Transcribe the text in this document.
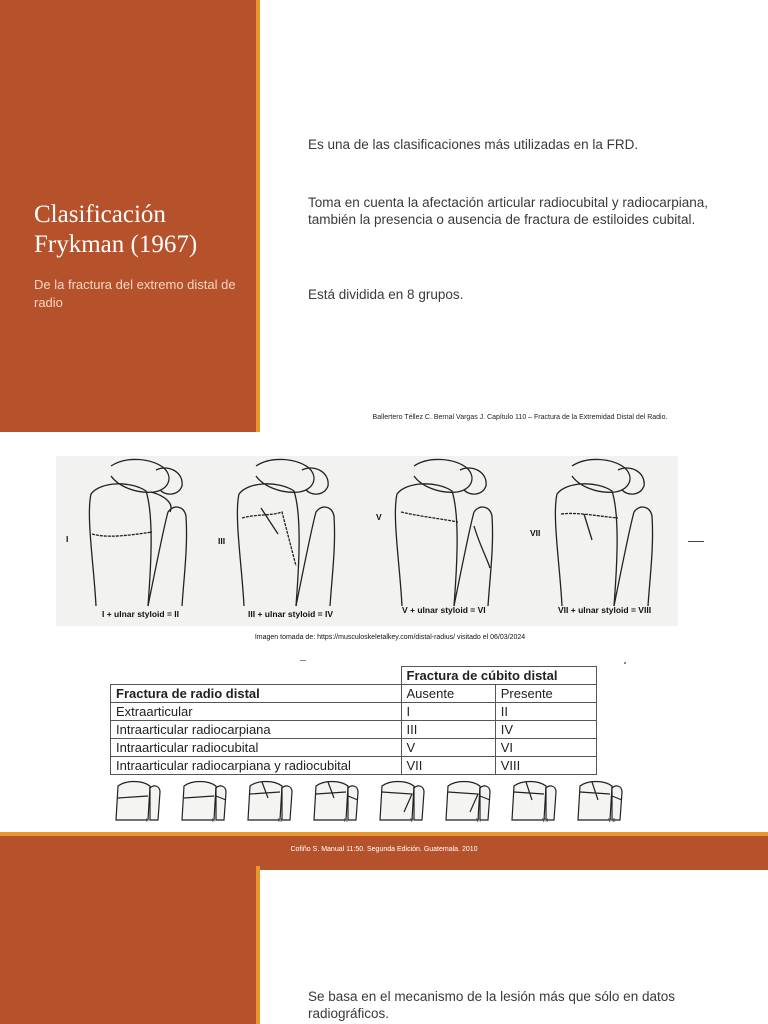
Clasificación Frykman (1967)
De la fractura del extremo distal de radio
Es una de las clasificaciones más utilizadas en la FRD.
Toma en cuenta la afectación articular radiocubital y radiocarpiana, también la presencia o ausencia de fractura de estiloides cubital.
Está dividida en 8 grupos.
Ballertero Téllez C. Bernal Vargas J. Capítulo 110 – Fractura de la Extremidad Distal del Radio.
I	III
V
VII
I + ulnar styloid = II	III + ulnar styloid = IV	V + ulnar styloid = VI	VII + ulnar styloid = VIII
Imagen tomada de: https://musculoskeletalkey.com/distal-radius/ visitado el 06/03/2024
	Fractura de cúbito distal	
Fractura de radio distal	Ausente	Presente
Extraarticular	I	II
Intraarticular radiocarpiana	III	IV
Intraarticular radiocubital	V	VI
Intraarticular radiocarpiana y radiocubital	VII	VIII
I	II	III	IV	V	VI	VII	VIII
Cofiño S. Manual 11:50. Segunda Edición. Guatemala. 2010
Se basa en el mecanismo de la lesión más que sólo en datos radiográficos.
